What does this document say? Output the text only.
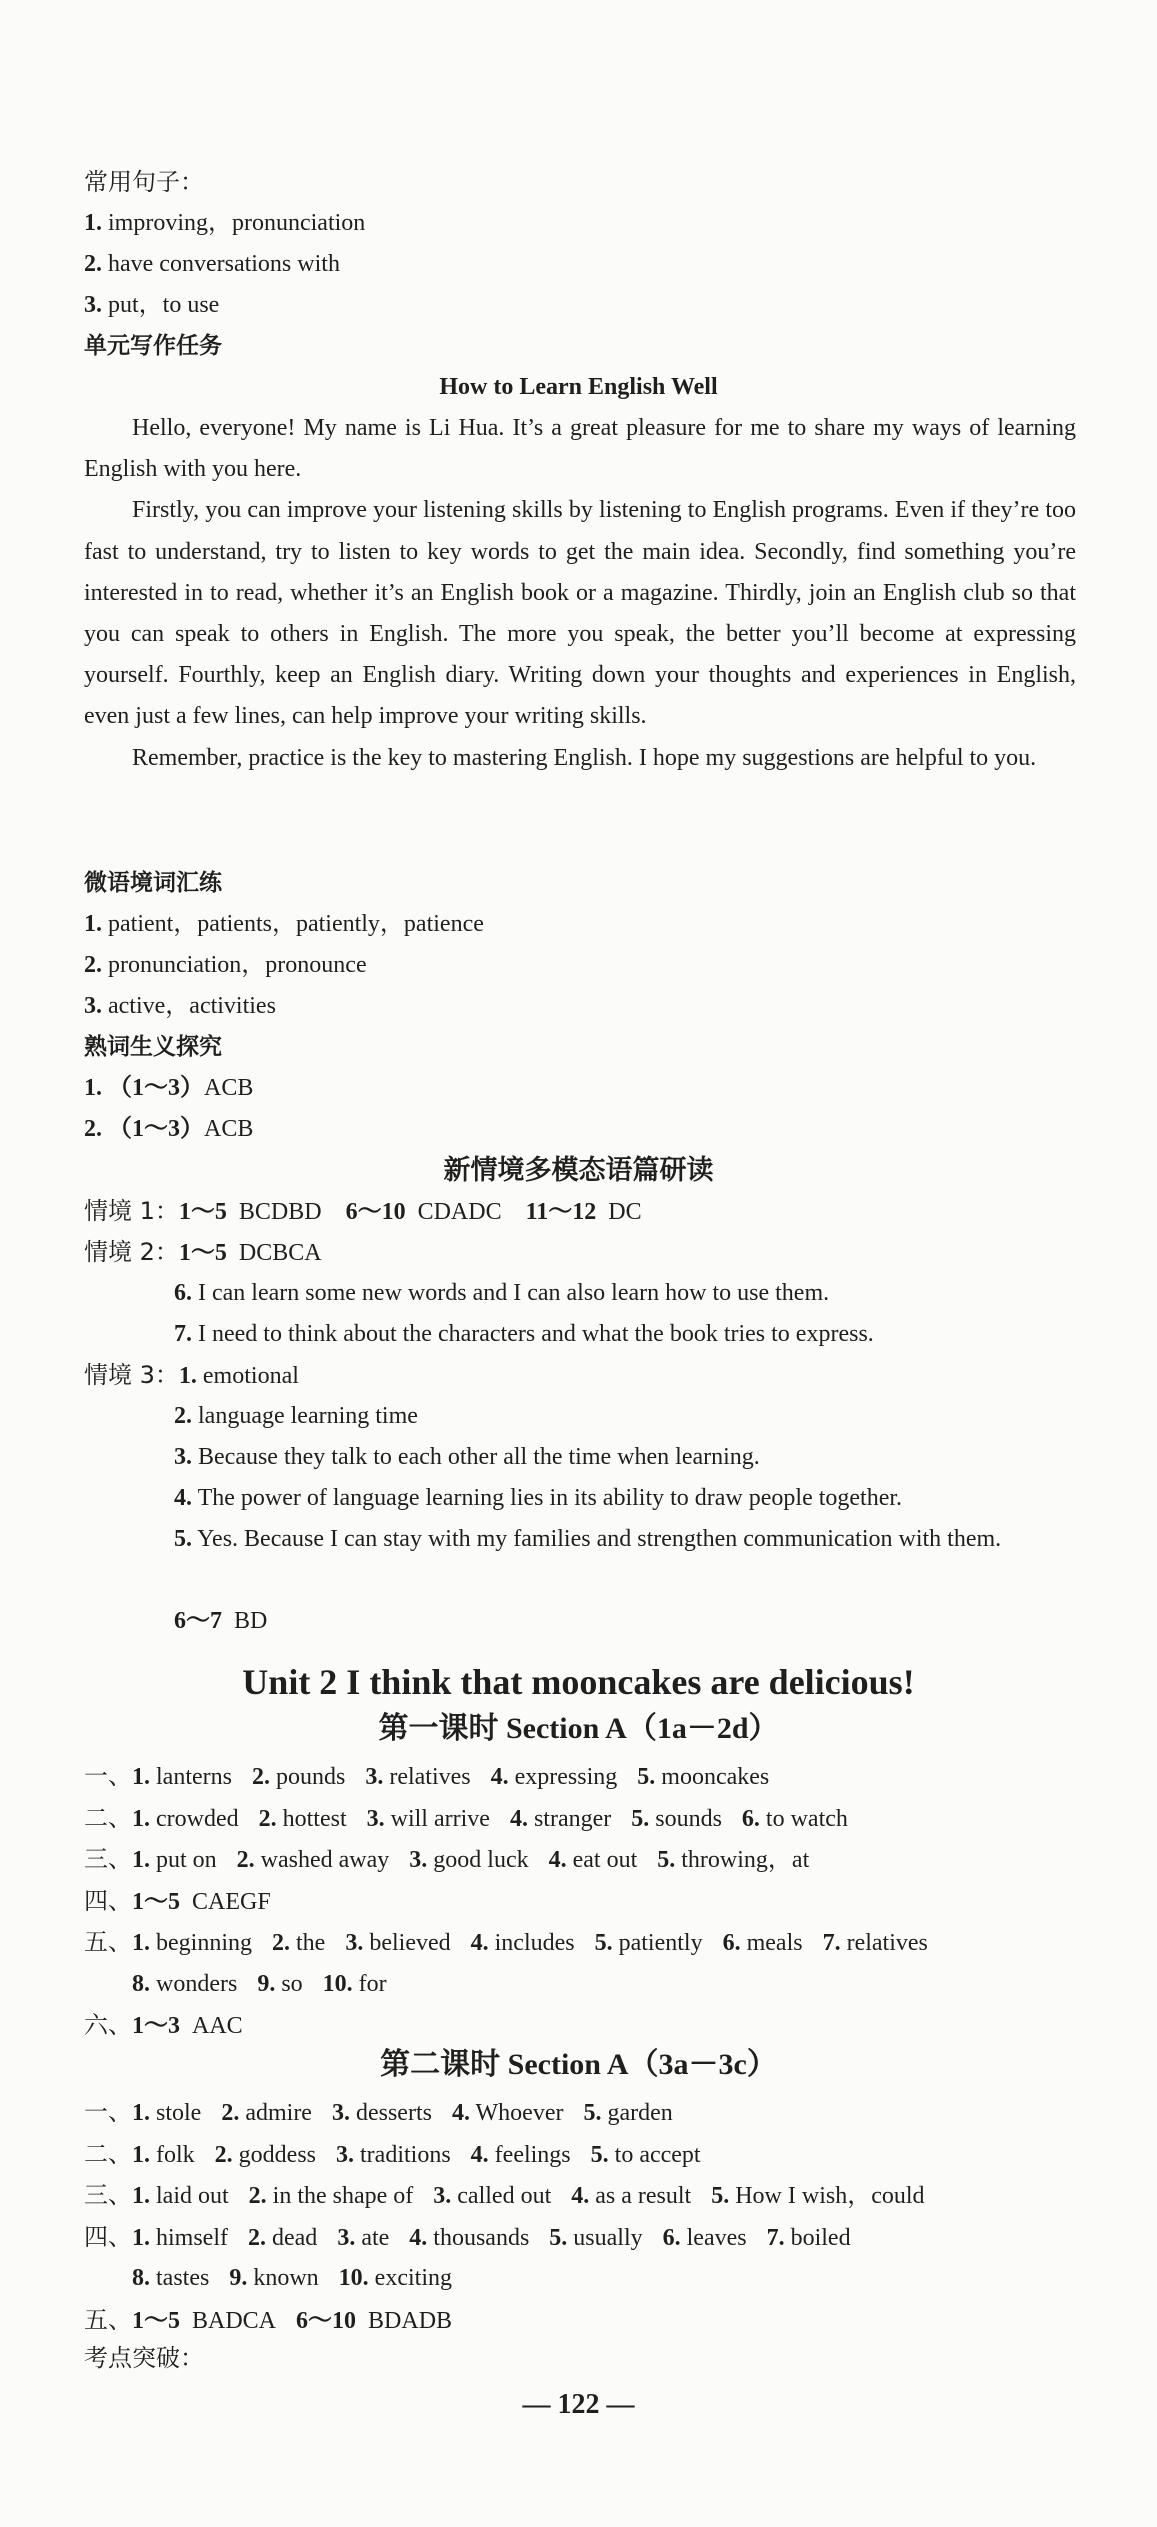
常用句子：
1. improving，pronunciation
2. have conversations with
3. put，to use
单元写作任务
How to Learn English Well

Hello, everyone! My name is Li Hua. It’s a great pleasure for me to share my ways of learning English with you here.

Firstly, you can improve your listening skills by listening to English programs. Even if they’re too fast to understand, try to listen to key words to get the main idea. Secondly, find something you’re interested in to read, whether it’s an English book or a magazine. Thirdly, join an English club so that you can speak to others in English. The more you speak, the better you’ll become at expressing yourself. Fourthly, keep an English diary. Writing down your thoughts and experiences in English, even just a few lines, can help improve your writing skills.

Remember, practice is the key to mastering English. I hope my suggestions are helpful to you.

微语境词汇练
1. patient，patients，patiently，patience
2. pronunciation，pronounce
3. active，activities
熟词生义探究
1. （1～3）ACB
2. （1～3）ACB
新情境多模态语篇研读
情境 1：1～5 BCDBD 6～10 CDADC 11～12 DC
情境 2：1～5 DCBCA
6. I can learn some new words and I can also learn how to use them.
7. I need to think about the characters and what the book tries to express.
情境 3：1. emotional
2. language learning time
3. Because they talk to each other all the time when learning.
4. The power of language learning lies in its ability to draw people together.
5. Yes. Because I can stay with my families and strengthen communication with them.
6～7 BD
Unit 2 I think that mooncakes are delicious!
第一课时 Section A（1a－2d）
一、1. lanterns 2. pounds 3. relatives 4. expressing 5. mooncakes
二、1. crowded 2. hottest 3. will arrive 4. stranger 5. sounds 6. to watch
三、1. put on 2. washed away 3. good luck 4. eat out 5. throwing，at
四、1～5  CAEGF
五、1. beginning 2. the 3. believed 4. includes 5. patiently 6. meals 7. relatives
8. wonders 9. so 10. for
六、1～3  AAC
第二课时 Section A（3a－3c）
一、1. stole 2. admire 3. desserts 4. Whoever 5. garden
二、1. folk 2. goddess 3. traditions 4. feelings 5. to accept
三、1. laid out 2. in the shape of 3. called out 4. as a result 5. How I wish，could
四、1. himself 2. dead 3. ate 4. thousands 5. usually 6. leaves 7. boiled
8. tastes 9. known 10. exciting
五、1～5  BADCA 6～10  BDADB
考点突破：
— 122 —
